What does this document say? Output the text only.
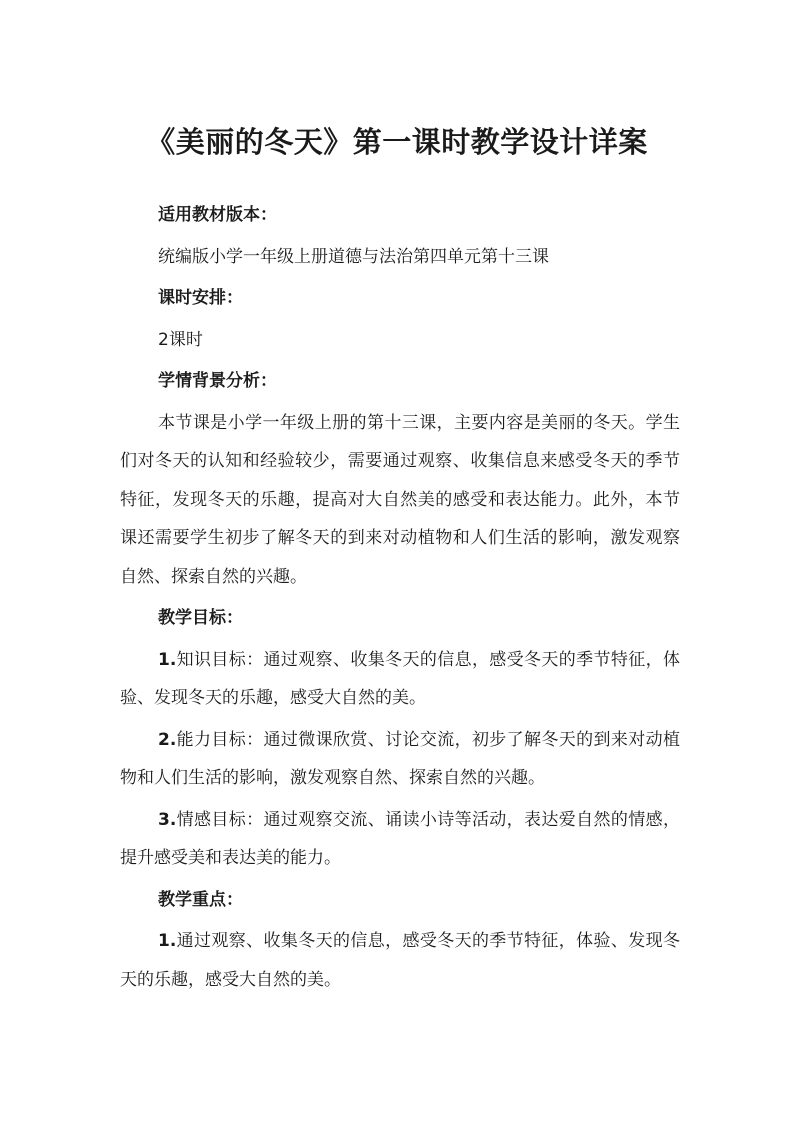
《美丽的冬天》第一课时教学设计详案

适用教材版本：

统编版小学一年级上册道德与法治第四单元第十三课

课时安排：

2课时

学情背景分析：

本节课是小学一年级上册的第十三课，主要内容是美丽的冬天。学生们对冬天的认知和经验较少，需要通过观察、收集信息来感受冬天的季节特征，发现冬天的乐趣，提高对大自然美的感受和表达能力。此外，本节课还需要学生初步了解冬天的到来对动植物和人们生活的影响，激发观察自然、探索自然的兴趣。

教学目标：

1.知识目标：通过观察、收集冬天的信息，感受冬天的季节特征，体验、发现冬天的乐趣，感受大自然的美。

2.能力目标：通过微课欣赏、讨论交流，初步了解冬天的到来对动植物和人们生活的影响，激发观察自然、探索自然的兴趣。

3.情感目标：通过观察交流、诵读小诗等活动，表达爱自然的情感，提升感受美和表达美的能力。

教学重点：

1.通过观察、收集冬天的信息，感受冬天的季节特征，体验、发现冬天的乐趣，感受大自然的美。
